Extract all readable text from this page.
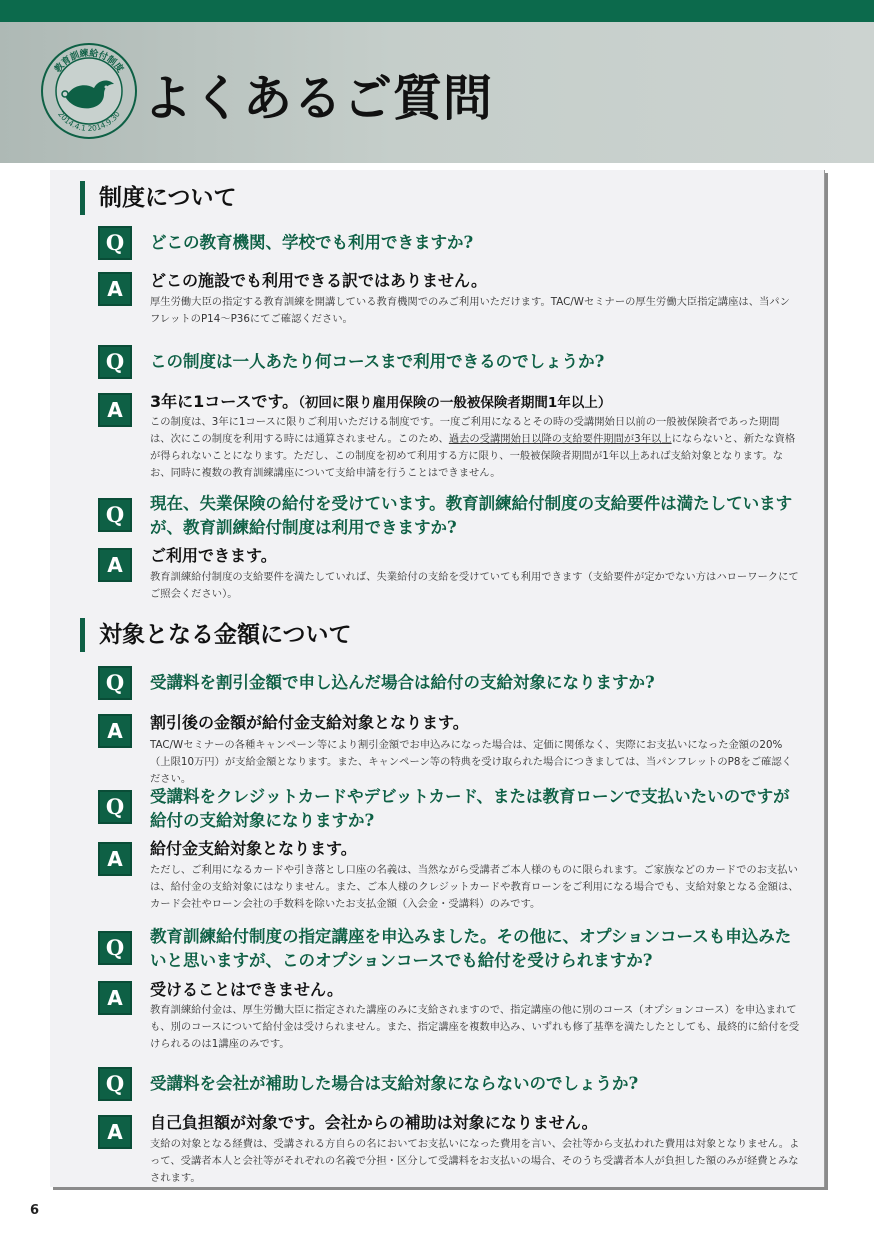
教育訓練給付制度
2014.4.1 2014.9.30 よくあるご質問
制度について
Q	どこの教育機関、学校でも利用できますか?
A	どこの施設でも利用できる訳ではありません。
厚生労働大臣の指定する教育訓練を開講している教育機関でのみご利用いただけます。TAC/Wセミナーの厚生労働大臣指定講座は、当パンフレットのP14～P36にてご確認ください。
Q	この制度は一人あたり何コースまで利用できるのでしょうか?
A	3年に1コースです。（初回に限り雇用保険の一般被保険者期間1年以上）
この制度は、3年に1コースに限りご利用いただける制度です。一度ご利用になるとその時の受講開始日以前の一般被保険者であった期間は、次にこの制度を利用する時には通算されません。このため、過去の受講開始日以降の支給要件期間が3年以上にならないと、新たな資格が得られないことになります。ただし、この制度を初めて利用する方に限り、一般被保険者期間が1年以上あれば支給対象となります。なお、同時に複数の教育訓練講座について支給申請を行うことはできません。
Q	現在、失業保険の給付を受けています。教育訓練給付制度の支給要件は満たしていますが、教育訓練給付制度は利用できますか?
A	ご利用できます。
教育訓練給付制度の支給要件を満たしていれば、失業給付の支給を受けていても利用できます（支給要件が定かでない方はハローワークにてご照会ください）。
対象となる金額について
Q	受講料を割引金額で申し込んだ場合は給付の支給対象になりますか?
A	割引後の金額が給付金支給対象となります。
TAC/Wセミナーの各種キャンペーン等により割引金額でお申込みになった場合は、定価に関係なく、実際にお支払いになった金額の20%（上限10万円）が支給金額となります。また、キャンペーン等の特典を受け取られた場合につきましては、当パンフレットのP8をご確認ください。
Q	受講料をクレジットカードやデビットカード、または教育ローンで支払いたいのですが給付の支給対象になりますか?
A	給付金支給対象となります。
ただし、ご利用になるカードや引き落とし口座の名義は、当然ながら受講者ご本人様のものに限られます。ご家族などのカードでのお支払いは、給付金の支給対象にはなりません。また、ご本人様のクレジットカードや教育ローンをご利用になる場合でも、支給対象となる金額は、カード会社やローン会社の手数料を除いたお支払金額（入会金・受講料）のみです。
Q	教育訓練給付制度の指定講座を申込みました。その他に、オプションコースも申込みたいと思いますが、このオプションコースでも給付を受けられますか?
A	受けることはできません。
教育訓練給付金は、厚生労働大臣に指定された講座のみに支給されますので、指定講座の他に別のコース（オプションコース）を申込まれても、別のコースについて給付金は受けられません。また、指定講座を複数申込み、いずれも修了基準を満たしたとしても、最終的に給付を受けられるのは1講座のみです。
Q	受講料を会社が補助した場合は支給対象にならないのでしょうか?
A	自己負担額が対象です。会社からの補助は対象になりません。
支給の対象となる経費は、受講される方自らの名においてお支払いになった費用を言い、会社等から支払われた費用は対象となりません。よって、受講者本人と会社等がそれぞれの名義で分担・区分して受講料をお支払いの場合、そのうち受講者本人が負担した額のみが経費とみなされます。
6
